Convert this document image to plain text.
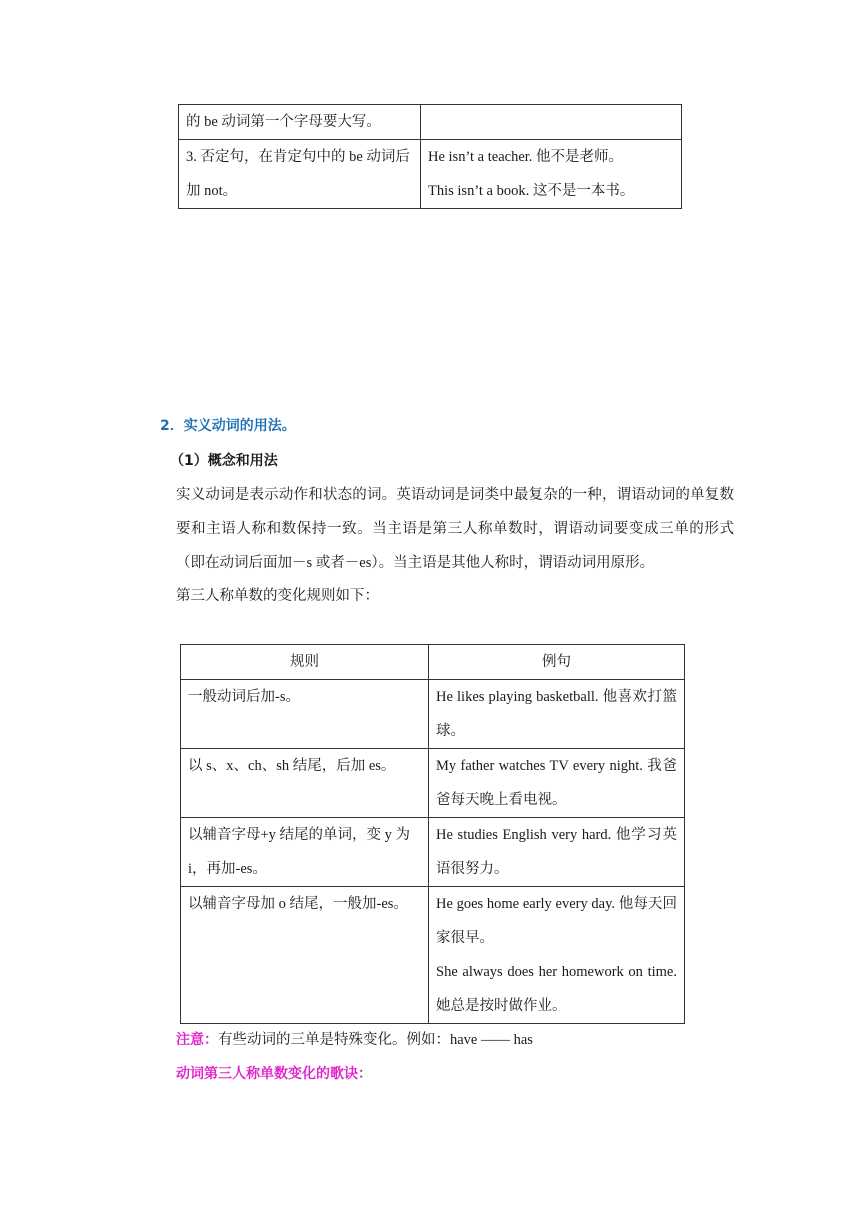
的 be 动词第一个字母要大写。	
3. 否定句，在肯定句中的 be 动词后加 not。	He isn’t a teacher. 他不是老师。
This isn’t a book. 这不是一本书。
2．实义动词的用法。
（1）概念和用法
实义动词是表示动作和状态的词。英语动词是词类中最复杂的一种，谓语动词的单复数要和主语人称和数保持一致。当主语是第三人称单数时，谓语动词要变成三单的形式（即在动词后面加－s 或者－es）。当主语是其他人称时，谓语动词用原形。
第三人称单数的变化规则如下：
规则	例句
一般动词后加-s。	He likes playing basketball. 他喜欢打篮球。
以 s、x、ch、sh 结尾，后加 es。	My father watches TV every night. 我爸爸每天晚上看电视。
以辅音字母+y 结尾的单词，变 y 为 i，再加-es。	He studies English very hard. 他学习英语很努力。
以辅音字母加 o 结尾，一般加-es。	He goes home early every day. 他每天回家很早。
She always does her homework on time.她总是按时做作业。
注意：有些动词的三单是特殊变化。例如：have —— has
动词第三人称单数变化的歌诀：
